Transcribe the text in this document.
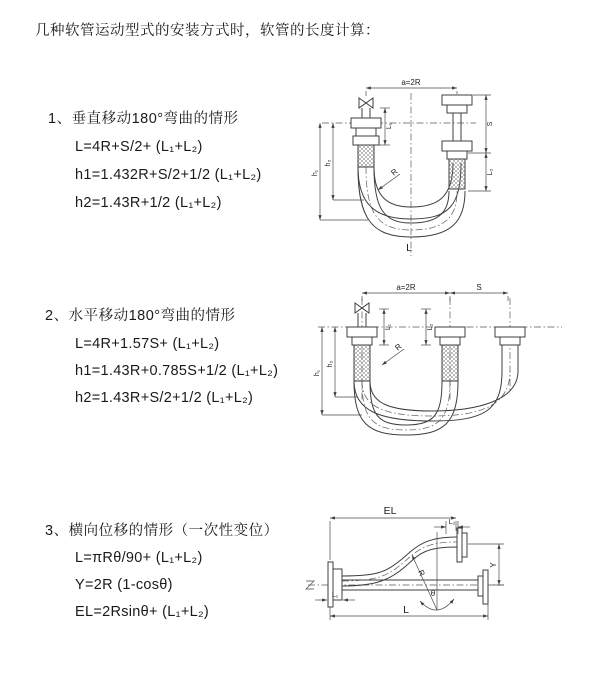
几种软管运动型式的安装方式时，软管的长度计算：
1、垂直移动180°弯曲的情形
L=4R+S/2+ (L₁+L₂)
h1=1.432R+S/2+1/2 (L₁+L₂)
h2=1.43R+1/2 (L₁+L₂)
2、水平移动180°弯曲的情形
L=4R+1.57S+ (L₁+L₂)
h1=1.43R+0.785S+1/2 (L₁+L₂)
h2=1.43R+S/2+1/2 (L₁+L₂)
3、横向位移的情形（一次性变位）
L=πRθ/90+ (L₁+L₂)
Y=2R (1-cosθ)
EL=2Rsinθ+ (L₁+L₂)
a=2R
L₁
h₁
h₂
S
L₂
R
L
a=2R	S
L₁	L₂
h₁
h₂
R
θ
R
EL
L₂
Y
L₁
L
